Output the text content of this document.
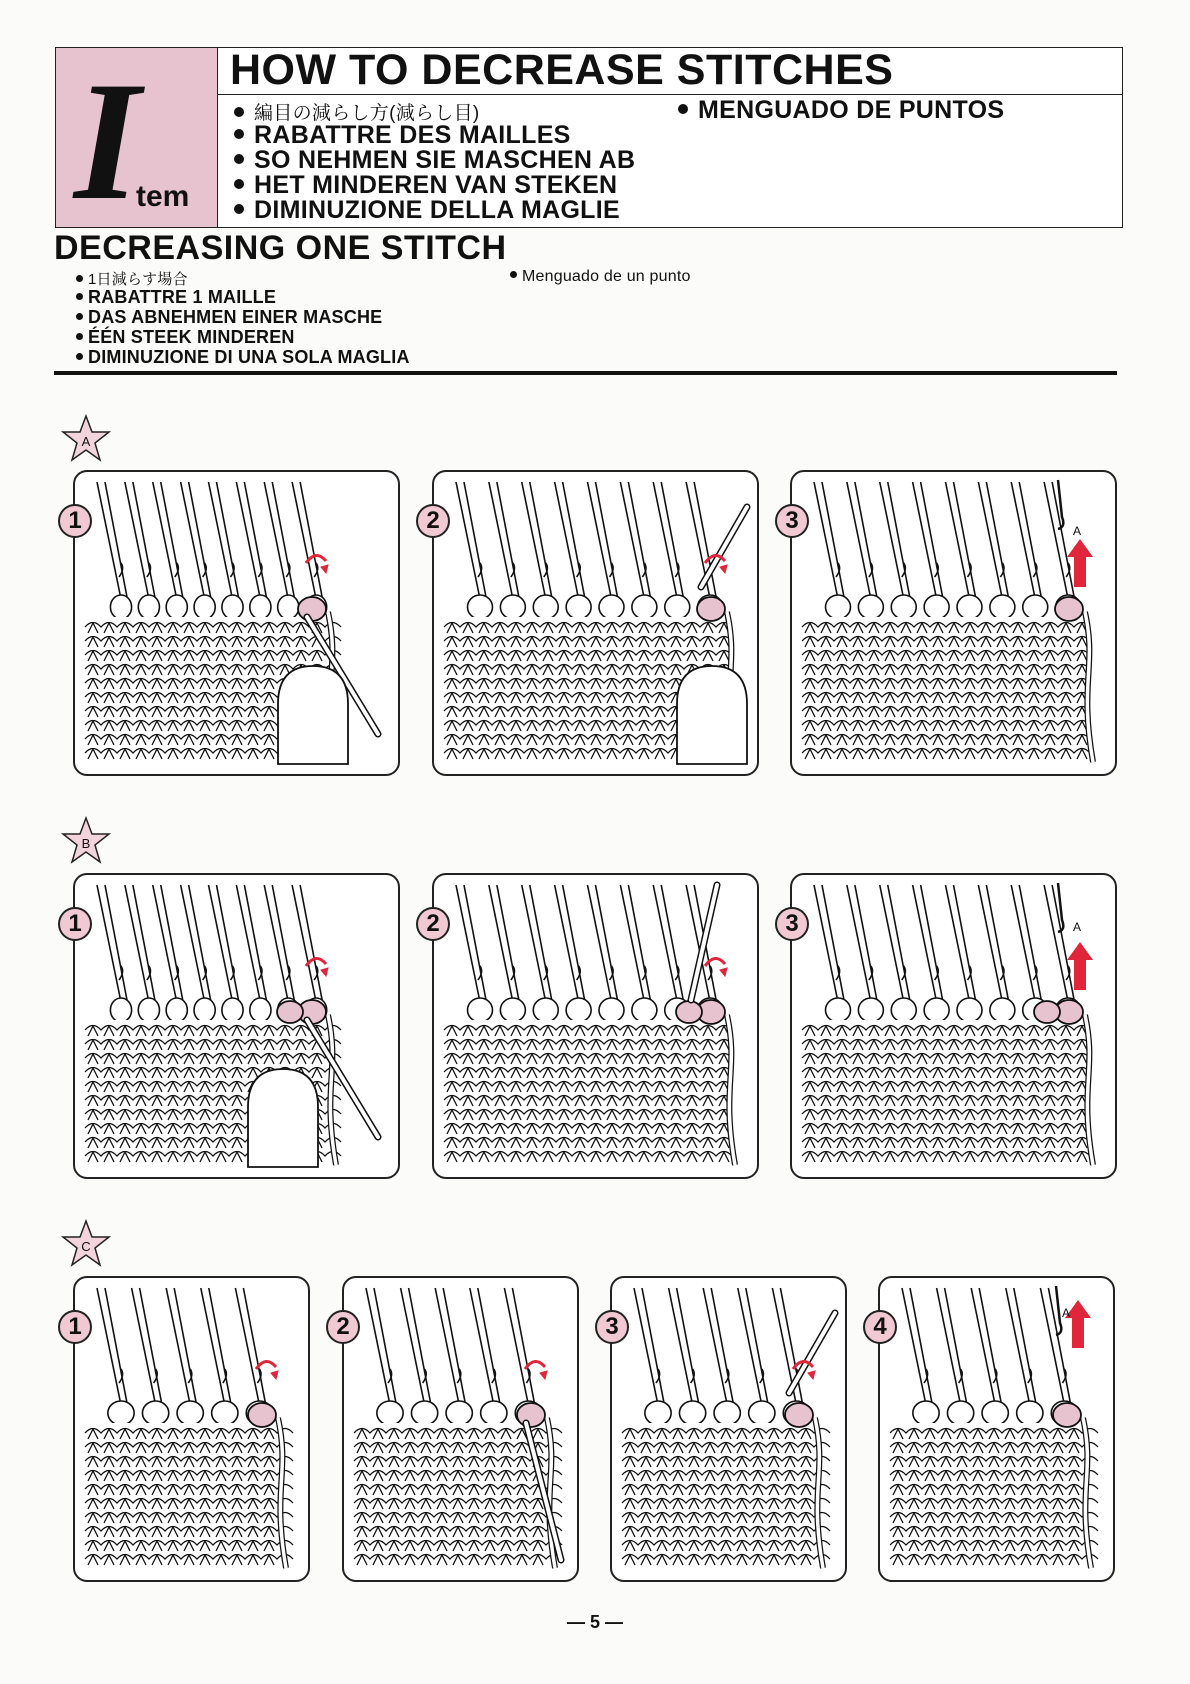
I
tem
HOW TO DECREASE STITCHES
編目の減らし方(減らし目)	MENGUADO DE PUNTOS
RABATTRE DES MAILLES
SO NEHMEN SIE MASCHEN AB
HET MINDEREN VAN STEKEN
DIMINUZIONE DELLA MAGLIE
DECREASING ONE STITCH
1日減らす場合	Menguado de un punto
RABATTRE 1 MAILLE
DAS ABNEHMEN EINER MASCHE
ÉÉN STEEK MINDEREN
DIMINUZIONE DI UNA SOLA MAGLIA
A
B
C
1	2	3	A
1	2	3	A
1	2	3	4	A
— 5 —
